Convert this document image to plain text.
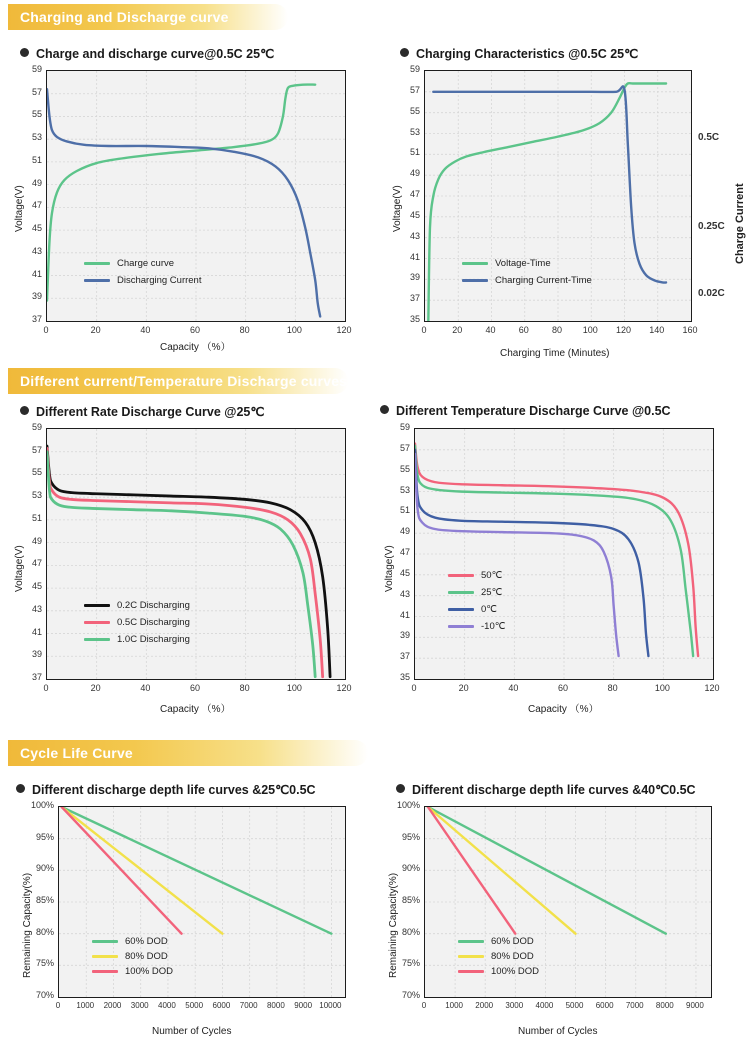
Charging and Discharge curve
Different current/Temperature Discharge curves
Cycle Life Curve
Charge and discharge curve@0.5C 25℃	Charging Characteristics @0.5C 25℃
Different Rate Discharge Curve @25℃	Different Temperature Discharge Curve @0.5C
Different discharge depth life curves &25℃0.5C	Different discharge depth life curves &40℃0.5C
Voltage(V)
Capacity （%）
Charge curve
Discharging Current
Voltage(V)	Charge Current
Charging Time (Minutes)
0.5C
0.25C
0.02C
Voltage-Time
Charging Current-Time
Voltage(V)
Capacity （%）
0.2C Discharging
0.5C Discharging
1.0C Discharging
Voltage(V)
Capacity （%）
50℃
25℃
0℃
-10℃
Remaining Capacity(%)
Number of Cycles
60% DOD
80% DOD
100% DOD	Remaining Capacity(%)
Number of Cycles
60% DOD
80% DOD
100% DOD
37
39
41
43
45
47
49
51
53
55
57
59
0	20	40	60	80	100	120
35
37
39
41
43
45
47
49
51
53
55
57
59
0	20	40	60	80	100	120	140	160
37
39
41
43
45
47
49
51
53
55
57
59
0	20	40	60	80	100	120
35
37
39
41
43
45
47
49
51
53
55
57
59
0	20	40	60	80	100	120
70%
75%
80%
85%
90%
95%
100%
0	1000	2000	3000	4000	5000	6000	7000	8000	9000 10000
70%
75%
80%
85%
90%
95%
100%
0	1000	2000	3000	4000	5000	6000	7000	8000	9000
